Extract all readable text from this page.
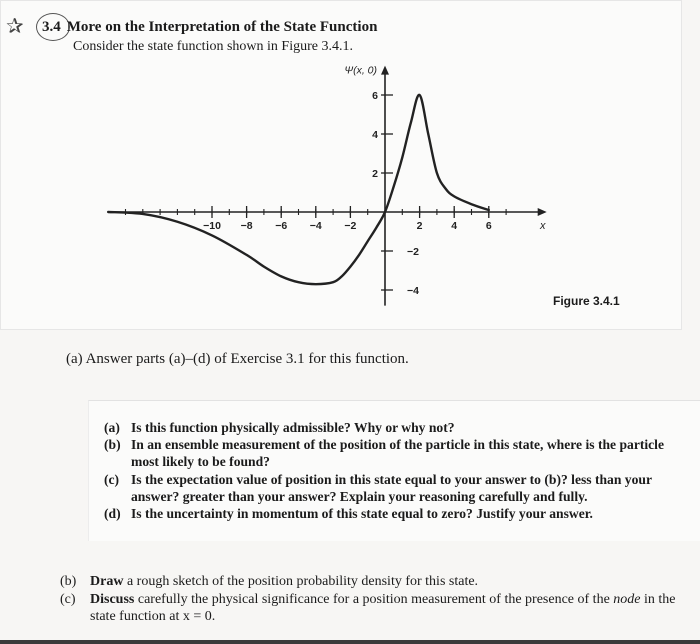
✰ 3.4 More on the Interpretation of the State Function
Consider the state function shown in Figure 3.4.1.
−10 −8 −6 −4 −2	2	4	6
−4
−2
2
4
6
Ψ(x, 0)
x
Figure 3.4.1
(a) Answer parts (a)–(d) of Exercise 3.1 for this function.
(a) Is this function physically admissible? Why or why not?
(b) In an ensemble measurement of the position of the particle in this state, where is the particle most likely to be found?
(c) Is the expectation value of position in this state equal to your answer to (b)? less than your answer? greater than your answer? Explain your reasoning carefully and fully.
(d) Is the uncertainty in momentum of this state equal to zero? Justify your answer.
(b) Draw a rough sketch of the position probability density for this state.
(c)	Discuss carefully the physical significance for a position measurement of the presence of the node in the state function at x = 0.
